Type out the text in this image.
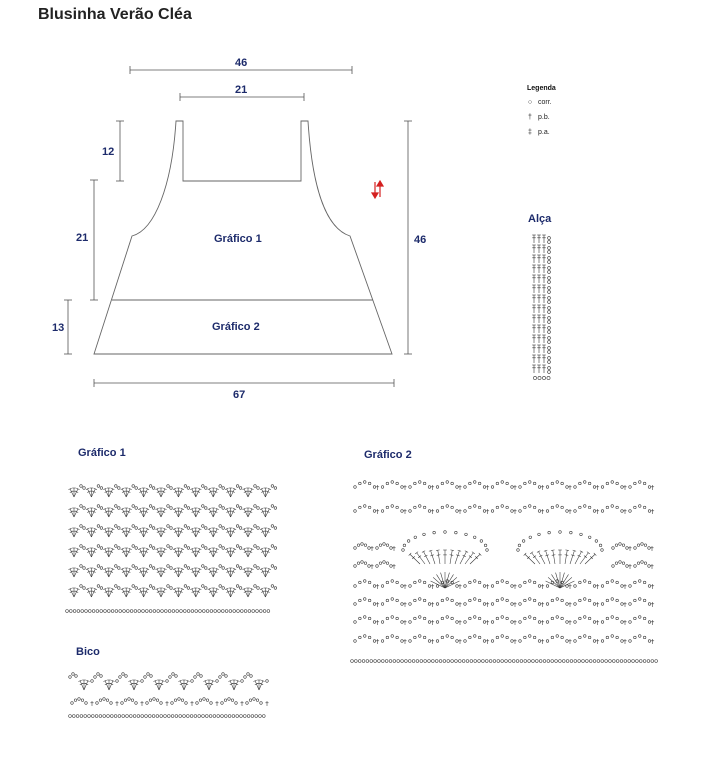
Blusinha Verão Cléa
46
21
12
21	46
13
67
Gráfico 1
Gráfico 2
Legenda
○ corr.
† p.b.
‡ p.a.
Alça
Gráfico 1	Gráfico 2
Bico
